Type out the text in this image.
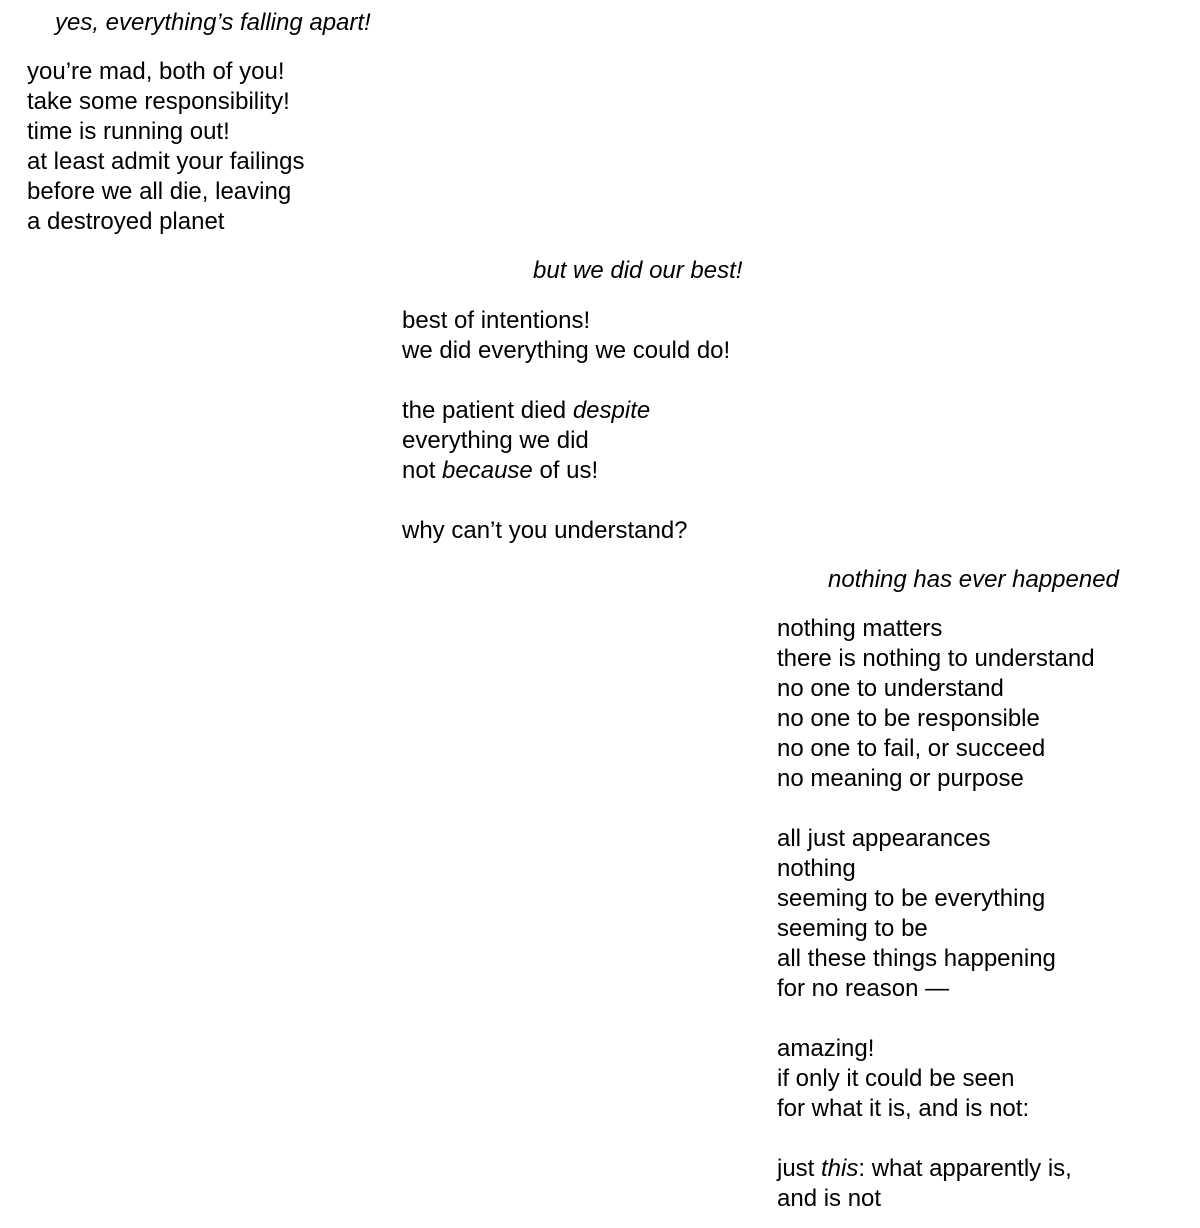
yes, everything’s falling apart!
you’re mad, both of you!
take some responsibility!
time is running out!
at least admit your failings
before we all die, leaving
a destroyed planet
but we did our best!
best of intentions!
we did everything we could do!
the patient died despite
everything we did
not because of us!
why can’t you understand?
nothing has ever happened
nothing matters
there is nothing to understand
no one to understand
no one to be responsible
no one to fail, or succeed
no meaning or purpose
all just appearances
nothing
seeming to be everything
seeming to be
all these things happening
for no reason —
amazing!
if only it could be seen
for what it is, and is not:
just this: what apparently is,
and is not
